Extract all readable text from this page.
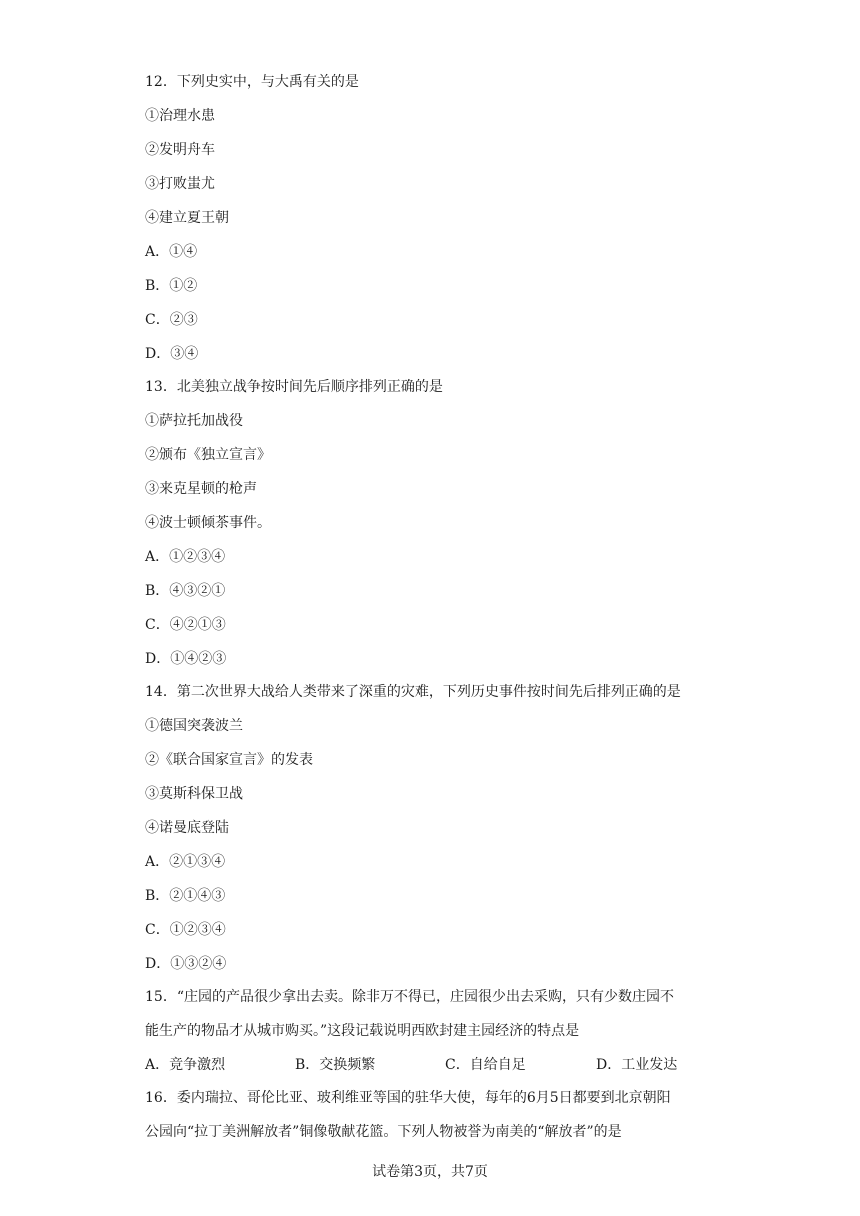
12．下列史实中，与大禹有关的是
①治理水患
②发明舟车
③打败蚩尤
④建立夏王朝
A．①④
B．①②
C．②③
D．③④
13．北美独立战争按时间先后顺序排列正确的是
①萨拉托加战役
②颁布《独立宣言》
③来克星顿的枪声
④波士顿倾茶事件。
A．①②③④
B．④③②①
C．④②①③
D．①④②③
14．第二次世界大战给人类带来了深重的灾难，下列历史事件按时间先后排列正确的是
①德国突袭波兰
②《联合国家宣言》的发表
③莫斯科保卫战
④诺曼底登陆
A．②①③④
B．②①④③
C．①②③④
D．①③②④
15．“庄园的产品很少拿出去卖。除非万不得已，庄园很少出去采购，只有少数庄园不
能生产的物品才从城市购买。”这段记载说明西欧封建主园经济的特点是
A．竞争激烈	B．交换频繁	C．自给自足	D．工业发达
16．委内瑞拉、哥伦比亚、玻利维亚等国的驻华大使，每年的6月5日都要到北京朝阳
公园向“拉丁美洲解放者”铜像敬献花篮。下列人物被誉为南美的“解放者”的是
试卷第3页，共7页
